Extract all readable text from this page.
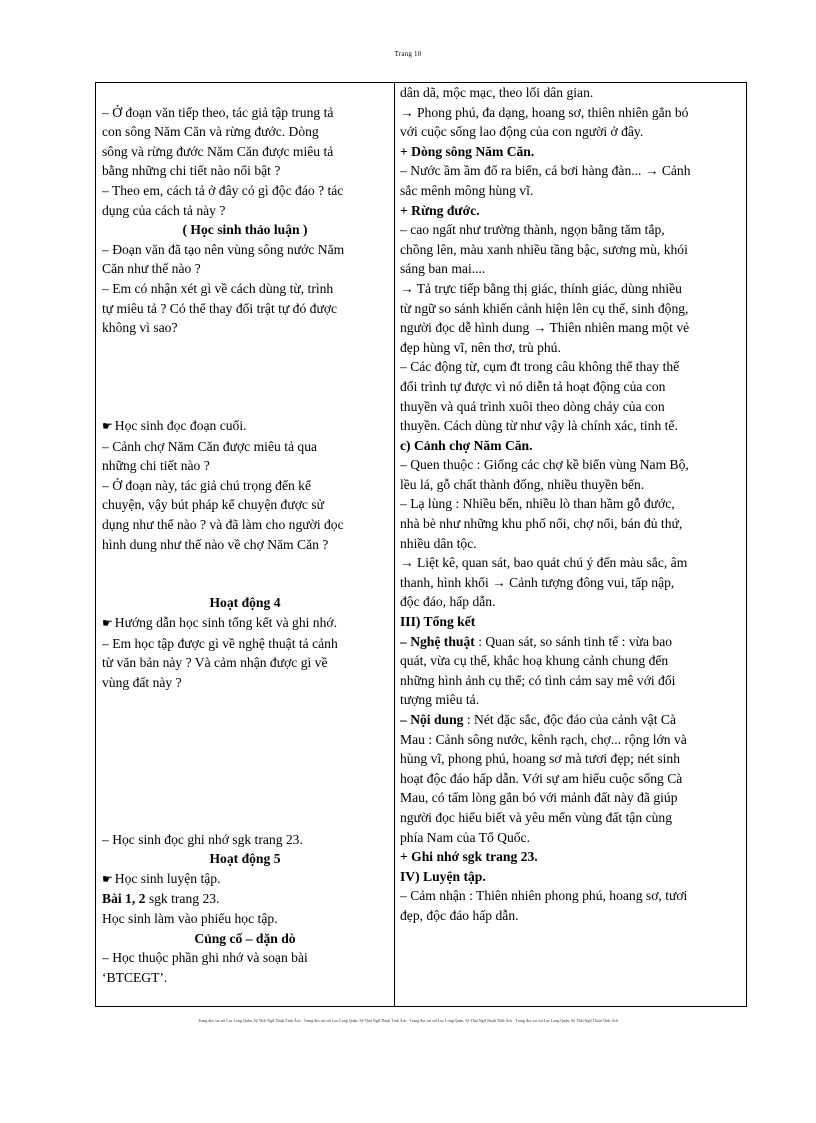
Trang 10
– Ở đoạn văn tiếp theo, tác giả tập trung tả
con sông Năm Căn và rừng đước. Dòng
sông và rừng đước Năm Căn được miêu tả
bằng những chi tiết nào nổi bật ?
– Theo em, cách tả ở đây có gì độc đáo ? tác
dụng của cách tả này ?
( Học sinh thảo luận )
– Đoạn văn đã tạo nên vùng sông nước Năm
Căn như thế nào ?
– Em có nhận xét gì về cách dùng từ, trình
tự miêu tả ? Có thể thay đổi trật tự đó được
không vì sao?
☛ Học sinh đọc đoạn cuối.
– Cảnh chợ Năm Căn được miêu tả qua
những chi tiết nào ?
– Ở đoạn này, tác giả chú trọng đến kể
chuyện, vậy bút pháp kể chuyện được sử
dụng như thế nào ? và đã làm cho người đọc
hình dung như thế nào về chợ Năm Căn ?
Hoạt động 4
☛ Hướng dẫn học sinh tổng kết và ghi nhớ.
– Em học tập được gì về nghệ thuật tả cảnh
từ văn bản này ? Và cảm nhận được gì về
vùng đất này ?
– Học sinh đọc ghi nhớ sgk trang 23.
Hoạt động 5
☛ Học sinh luyện tập.
Bài 1, 2 sgk trang 23.
Học sinh làm vào phiếu học tập.
Củng cố – dặn dò
– Học thuộc phần ghi nhớ và soạn bài
‘BTCEGT’.
dân dã, mộc mạc, theo lối dân gian.
→ Phong phú, đa dạng, hoang sơ, thiên nhiên gắn bó
với cuộc sống lao động của con người ở đây.
+ Dòng sông Năm Căn.
– Nước ầm ầm đổ ra biển, cá bơi hàng đàn... → Cảnh
sắc mênh mông hùng vĩ.
+ Rừng đước.
– cao ngất như trường thành, ngọn bằng tăm tắp,
chồng lên, màu xanh nhiều tầng bậc, sương mù, khói
sáng ban mai....
→ Tả trực tiếp bằng thị giác, thính giác, dùng nhiều
từ ngữ so sánh khiến cảnh hiện lên cụ thể, sinh động,
người đọc dễ hình dung → Thiên nhiên mang một vẻ
đẹp hùng vĩ, nên thơ, trù phú.
– Các động từ, cụm đt trong câu không thể thay thế
đổi trình tự được vì nó diễn tả hoạt động của con
thuyền và quá trình xuôi theo dòng chảy của con
thuyền. Cách dùng từ như vậy là chính xác, tinh tế.
c) Cảnh chợ Năm Căn.
– Quen thuộc : Giống các chợ kề biển vùng Nam Bộ,
lều lá, gỗ chất thành đống, nhiều thuyền bến.
– Lạ lùng : Nhiều bến, nhiều lò than hầm gỗ đước,
nhà bè như những khu phố nổi, chợ nổi, bán đủ thứ,
nhiều dân tộc.
→ Liệt kê, quan sát, bao quát chú ý đến màu sắc, âm
thanh, hình khối → Cảnh tượng đông vui, tấp nập,
độc đáo, hấp dẫn.
III) Tổng kết
– Nghệ thuật : Quan sát, so sánh tinh tế : vừa bao
quát, vừa cụ thể, khắc hoạ khung cảnh chung đến
những hình ảnh cụ thể; có tình cảm say mê với đối
tượng miêu tả.
– Nội dung : Nét đặc sắc, độc đáo của cảnh vật Cà
Mau : Cảnh sông nước, kênh rạch, chợ... rộng lớn và
hùng vĩ, phong phú, hoang sơ mà tươi đẹp; nét sinh
hoạt độc đáo hấp dẫn. Với sự am hiểu cuộc sống Cà
Mau, có tấm lòng gắn bó với mảnh đất này đã giúp
người đọc hiểu biết và yêu mến vùng đất tận cùng
phía Nam của Tổ Quốc.
+ Ghi nhớ sgk trang 23.
IV) Luyện tập.
– Cảm nhận : Thiên nhiên phong phú, hoang sơ, tươi
đẹp, độc đáo hấp dẫn.
Trang đọc sai sót Lục Long Quân, Sỹ Thái Ngữ Thuật Tính Ách · Trang đọc sai sót Lục Long Quân, Sỹ Thái Ngữ Thuật Tính Ách · Trang đọc sai sót Lục Long Quân, Sỹ Thái Ngữ Thuật Tính Ách · Trang đọc sai sót Lục Long Quân, Sỹ Thái Ngữ Thuật Tính Ách
